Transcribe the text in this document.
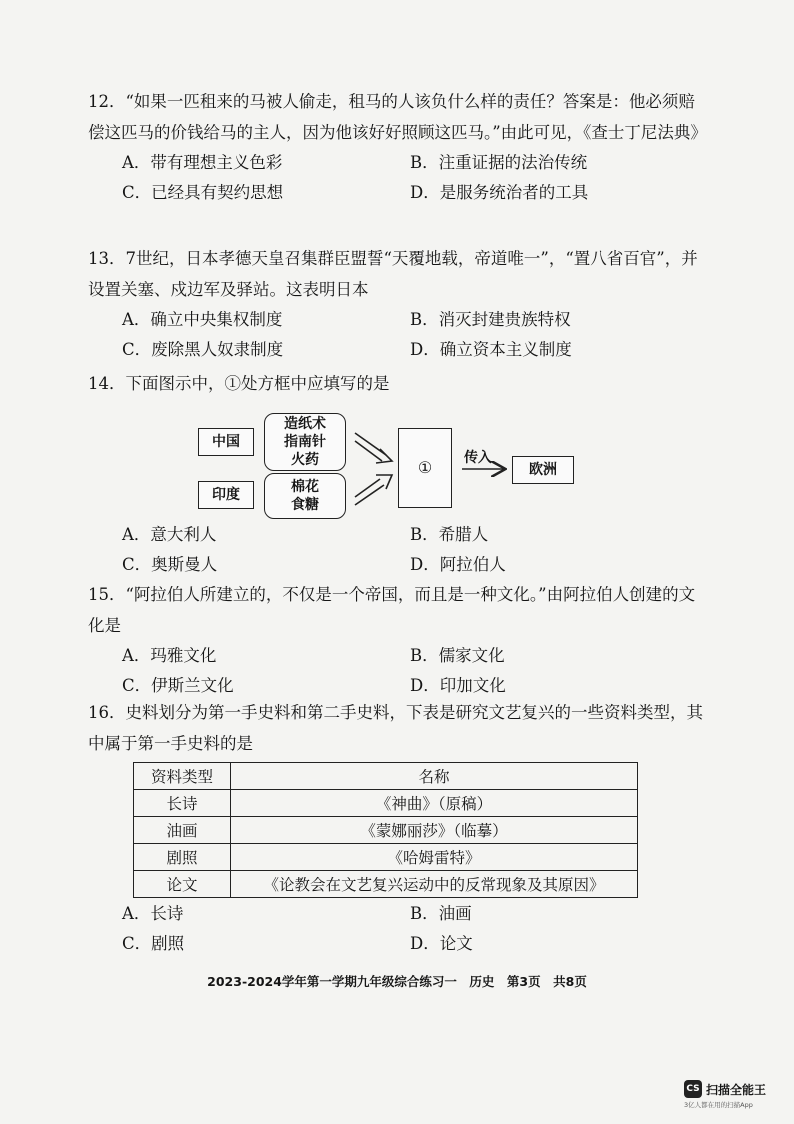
12．“如果一匹租来的马被人偷走，租马的人该负什么样的责任？答案是：他必须赔偿这匹马的价钱给马的主人，因为他该好好照顾这匹马。”由此可见，《查士丁尼法典》
A．带有理想主义色彩	B．注重证据的法治传统
C．已经具有契约思想	D．是服务统治者的工具
13．7世纪，日本孝德天皇召集群臣盟誓“天覆地载，帝道唯一”，“置八省百官”，并设置关塞、戍边军及驿站。这表明日本
A．确立中央集权制度	B．消灭封建贵族特权
C．废除黑人奴隶制度	D．确立资本主义制度
14．下面图示中，①处方框中应填写的是
中国
造纸术
指南针
火药
印度	棉花
食糖
①	传入
欧洲
A．意大利人	B．希腊人
C．奥斯曼人	D．阿拉伯人
15．“阿拉伯人所建立的，不仅是一个帝国，而且是一种文化。”由阿拉伯人创建的文化是
A．玛雅文化	B．儒家文化
C．伊斯兰文化	D．印加文化
16．史料划分为第一手史料和第二手史料，下表是研究文艺复兴的一些资料类型，其中属于第一手史料的是
资料类型	名称
长诗	《神曲》（原稿）
油画	《蒙娜丽莎》（临摹）
剧照	《哈姆雷特》
论文	《论教会在文艺复兴运动中的反常现象及其原因》
A．长诗	B．油画
C．剧照	D．论文
2023-2024学年第一学期九年级综合练习一　历史　第3页　共8页
CS 扫描全能王
3亿人都在用的扫描App
